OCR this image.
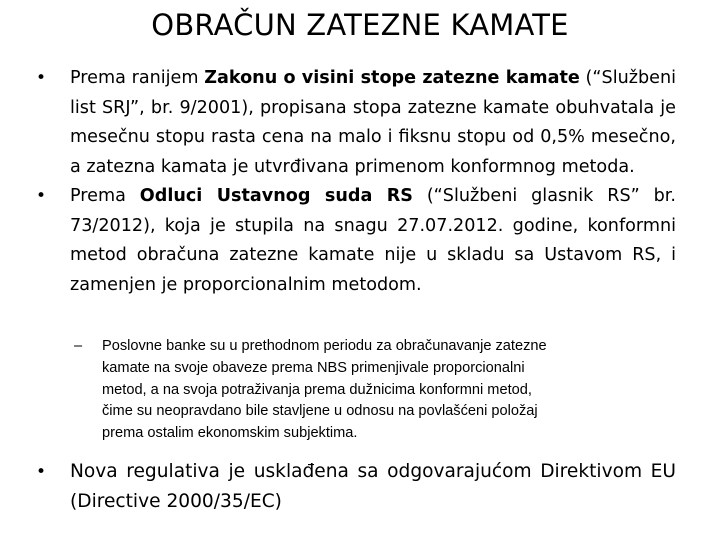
OBRAČUN ZATEZNE KAMATE
•	Prema ranijem Zakonu o visini stope zatezne kamate (“Službeni list SRJ”, br. 9/2001), propisana stopa zatezne kamate obuhvatala je mesečnu stopu rasta cena na malo i fiksnu stopu od 0,5% mesečno, a zatezna kamata je utvrđivana primenom konformnog metoda.
•	Prema Odluci Ustavnog suda RS (“Službeni glasnik RS” br. 73/2012), koja je stupila na snagu 27.07.2012. godine, konformni metod obračuna zatezne kamate nije u skladu sa Ustavom RS, i zamenjen je proporcionalnim metodom.
– Poslovne banke su u prethodnom periodu za obračunavanje zatezne
kamate na svoje obaveze prema NBS primenjivale proporcionalni
metod, a na svoja potraživanja prema dužnicima konformni metod,
čime su neopravdano bile stavljene u odnosu na povlašćeni položaj
prema ostalim ekonomskim subjektima.
•	Nova regulativa je usklađena sa odgovarajućom Direktivom EU (Directive 2000/35/EC)
